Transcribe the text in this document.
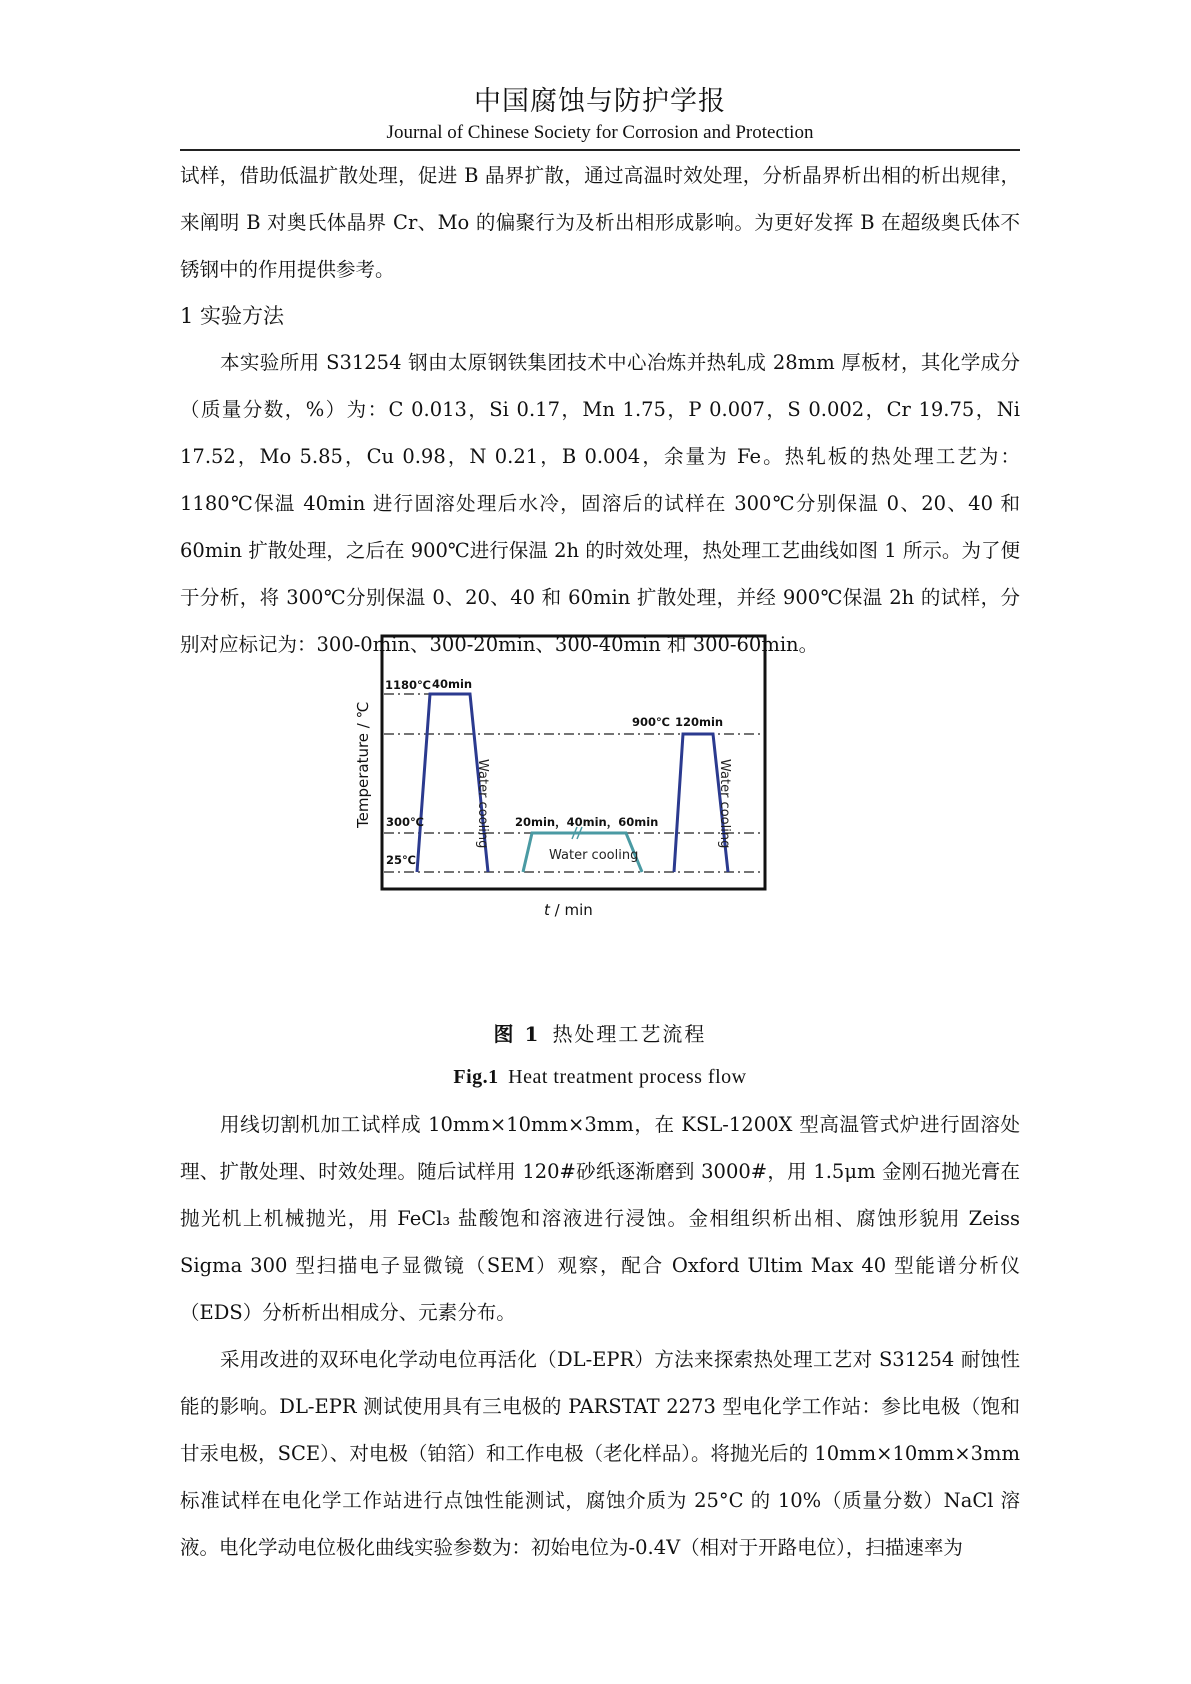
中国腐蚀与防护学报
Journal of Chinese Society for Corrosion and Protection

试样，借助低温扩散处理，促进 B 晶界扩散，通过高温时效处理，分析晶界析出相的析出规律，来阐明 B 对奥氏体晶界 Cr、Mo 的偏聚行为及析出相形成影响。为更好发挥 B 在超级奥氏体不锈钢中的作用提供参考。

1 实验方法

本实验所用 S31254 钢由太原钢铁集团技术中心冶炼并热轧成 28mm 厚板材，其化学成分（质量分数，%）为：C 0.013，Si 0.17，Mn 1.75，P 0.007，S 0.002，Cr 19.75，Ni 17.52，Mo 5.85，Cu 0.98，N 0.21，B 0.004，余量为 Fe。热轧板的热处理工艺为：1180℃保温 40min 进行固溶处理后水冷，固溶后的试样在 300℃分别保温 0、20、40 和 60min 扩散处理，之后在 900℃进行保温 2h 的时效处理，热处理工艺曲线如图 1 所示。为了便于分析，将 300℃分别保温 0、20、40 和 60min 扩散处理，并经 900℃保温 2h 的试样，分别对应标记为：300-0min、300-20min、300-40min 和 300-60min。

1180℃ 40min
900℃ 120min
300℃
25℃
20min，40min，60min
Water cooling
Water cooling	Water cooling
Temperature / ℃
t / min
图 1 热处理工艺流程
Fig.1 Heat treatment process flow

用线切割机加工试样成 10mm×10mm×3mm，在 KSL-1200X 型高温管式炉进行固溶处理、扩散处理、时效处理。随后试样用 120#砂纸逐渐磨到 3000#，用 1.5μm 金刚石抛光膏在抛光机上机械抛光，用 FeCl₃ 盐酸饱和溶液进行浸蚀。金相组织析出相、腐蚀形貌用 Zeiss Sigma 300 型扫描电子显微镜（SEM）观察，配合 Oxford Ultim Max 40 型能谱分析仪（EDS）分析析出相成分、元素分布。

采用改进的双环电化学动电位再活化（DL-EPR）方法来探索热处理工艺对 S31254 耐蚀性能的影响。DL-EPR 测试使用具有三电极的 PARSTAT 2273 型电化学工作站：参比电极（饱和甘汞电极，SCE）、对电极（铂箔）和工作电极（老化样品）。将抛光后的 10mm×10mm×3mm 标准试样在电化学工作站进行点蚀性能测试，腐蚀介质为 25°C 的 10%（质量分数）NaCl 溶液。电化学动电位极化曲线实验参数为：初始电位为-0.4V（相对于开路电位），扫描速率为
